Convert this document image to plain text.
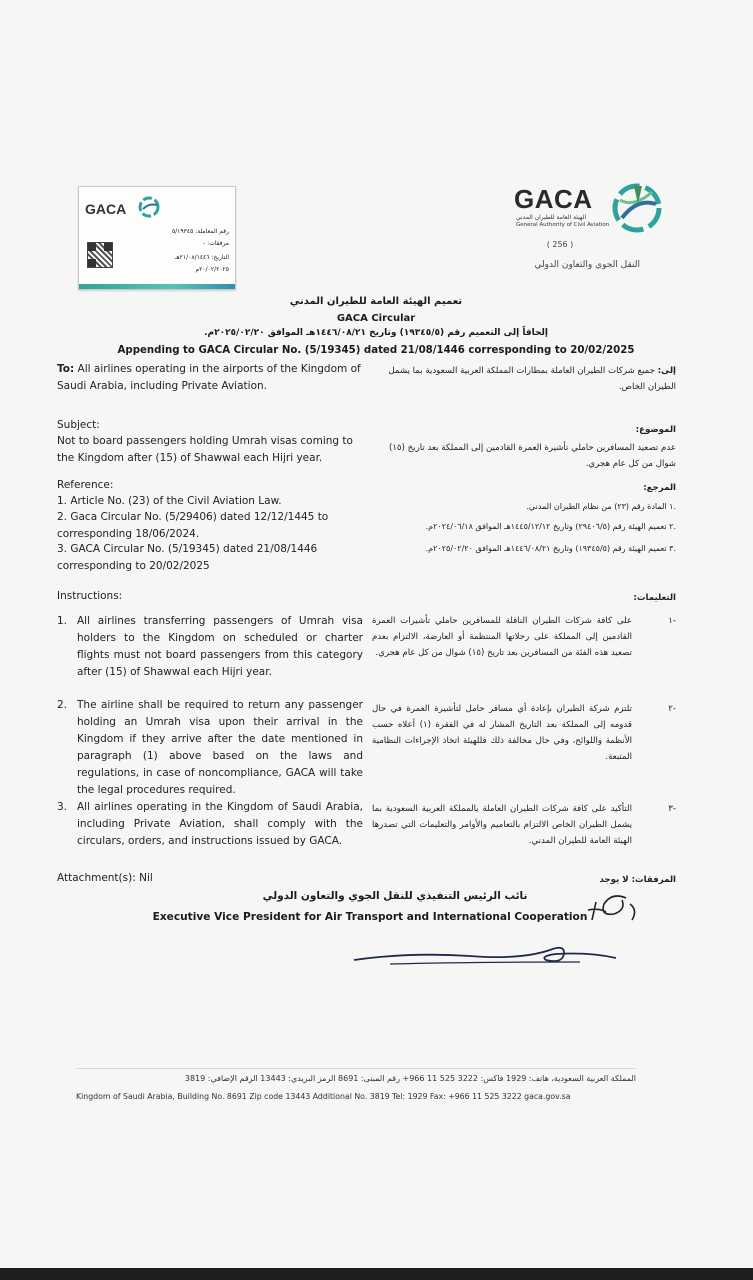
GACA
الهيئة العامة للطيران المدني
General Authority of Civil Aviation
( 256 )
النقل الجوي والتعاون الدولي
GACA
رقم المعاملة: ٥/١٩٣٤٥
مرفقات: -
التاريخ: ٢١/٠٨/١٤٤٦هـ
٢٠/٠٢/٢٠٢٥م
تعميم الهيئة العامة للطيران المدني
GACA Circular
إلحاقاً إلى التعميم رقم (١٩٣٤٥/٥) وتاريخ ١٤٤٦/٠٨/٢١هـ الموافق ٢٠٢٥/٠٢/٢٠م.
Appending to GACA Circular No. (5/19345) dated 21/08/1446 corresponding to 20/02/2025
To: All airlines operating in the airports of the Kingdom of Saudi Arabia, including Private Aviation.
إلى: جميع شركات الطيران العاملة بمطارات المملكة العربية السعودية بما يشمل الطيران الخاص.
Subject:
Not to board passengers holding Umrah visas coming to the Kingdom after (15) of Shawwal each Hijri year.
الموضوع:
عدم تصعيد المسافرين حاملي تأشيرة العمرة القادمين إلى المملكة بعد تاريخ (١٥) شوال من كل عام هجري.
Reference:
1. Article No. (23) of the Civil Aviation Law.
2. Gaca Circular No. (5/29406) dated 12/12/1445 to corresponding 18/06/2024.
3. GACA Circular No. (5/19345) dated 21/08/1446 corresponding to 20/02/2025
المرجع:
.١ المادة رقم (٢٣) من نظام الطيران المدني.
.٢ تعميم الهيئة رقم (٢٩٤٠٦/٥) وتاريخ ١٤٤٥/١٢/١٢هـ الموافق ٢٠٢٤/٠٦/١٨م.
.٣ تعميم الهيئة رقم (١٩٣٤٥/٥) وتاريخ ١٤٤٦/٠٨/٢١هـ الموافق ٢٠٢٥/٠٢/٢٠م.
Instructions:	التعليمات:
1. All airlines transferring passengers of Umrah visa holders to the Kingdom on scheduled or charter flights must not board passengers from this category after (15) of Shawwal each Hijri year.
-١
على كافة شركات الطيران الناقلة للمسافرين حاملي تأشيرات العمرة القادمين إلى المملكة على رحلاتها المنتظمة أو العارضة، الالتزام بعدم تصعيد هذه الفئة من المسافرين بعد تاريخ (١٥) شوال من كل عام هجري.
2. The airline shall be required to return any passenger holding an Umrah visa upon their arrival in the Kingdom if they arrive after the date mentioned in paragraph (1) above based on the laws and regulations, in case of noncompliance, GACA will take the legal procedures required.
-٢
تلتزم شركة الطيران بإعادة أي مسافر حامل لتأشيرة العمرة في حال قدومه إلى المملكة بعد التاريخ المشار له في الفقرة (١) أعلاه حسب الأنظمة واللوائح، وفي حال مخالفة ذلك فللهيئة اتخاذ الإجراءات النظامية المتبعة.
3. All airlines operating in the Kingdom of Saudi Arabia, including Private Aviation, shall comply with the circulars, orders, and instructions issued by GACA.
-٣
التأكيد على كافة شركات الطيران العاملة بالمملكة العربية السعودية بما يشمل الطيران الخاص الالتزام بالتعاميم والأوامر والتعليمات التي تصدرها الهيئة العامة للطيران المدني.
Attachment(s): Nil	المرفقات: لا يوجد
نائب الرئيس التنفيذي للنقل الجوي والتعاون الدولي
Executive Vice President for Air Transport and International Cooperation
المملكة العربية السعودية، هاتف: 1929 فاكس: 3222 525 11 966+ رقم المبنى: 8691 الرمز البريدي: 13443 الرقم الإضافي: 3819
Kingdom of Saudi Arabia, Building No. 8691 Zip code 13443 Additional No. 3819 Tel: 1929 Fax: +966 11 525 3222 gaca.gov.sa
